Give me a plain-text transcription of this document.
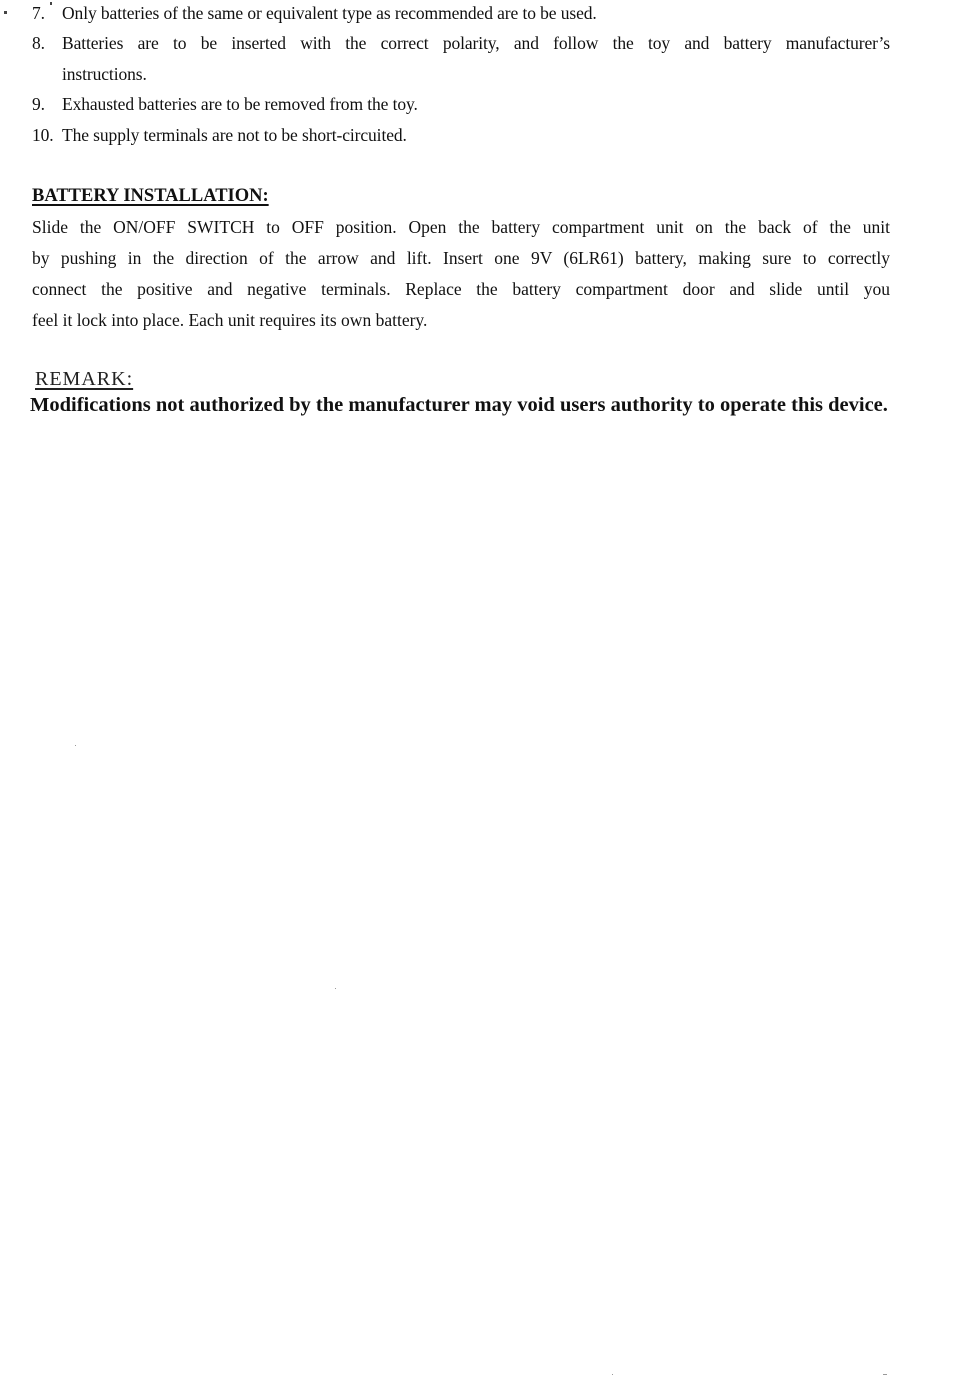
7. Only batteries of the same or equivalent type as recommended are to be used.
8. Batteries are to be inserted with the correct polarity, and follow the toy and battery manufacturer’s
instructions.
9. Exhausted batteries are to be removed from the toy.
10. The supply terminals are not to be short-circuited.
BATTERY INSTALLATION:
Slide the ON/OFF SWITCH to OFF position. Open the battery compartment unit on the back of the unit
by pushing in the direction of the arrow and lift. Insert one 9V (6LR61) battery, making sure to correctly
connect the positive and negative terminals. Replace the battery compartment door and slide until you
feel it lock into place. Each unit requires its own battery.
REMARK:
Modifications not authorized by the manufacturer may void users authority to operate this device.
